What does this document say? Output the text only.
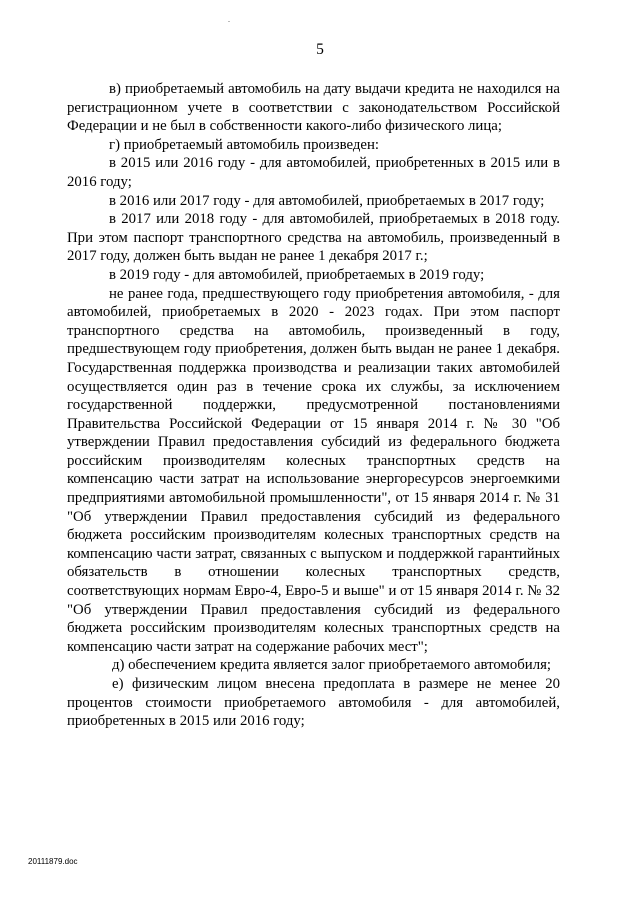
5

в) приобретаемый автомобиль на дату выдачи кредита не находился на регистрационном учете в соответствии с законодательством Российской Федерации и не был в собственности какого-либо физического лица;

г) приобретаемый автомобиль произведен:

в 2015 или 2016 году - для автомобилей, приобретенных в 2015 или в 2016 году;

в 2016 или 2017 году - для автомобилей, приобретаемых в 2017 году;

в 2017 или 2018 году - для автомобилей, приобретаемых в 2018 году. При этом паспорт транспортного средства на автомобиль, произведенный в 2017 году, должен быть выдан не ранее 1 декабря 2017 г.;

в 2019 году - для автомобилей, приобретаемых в 2019 году;

не ранее года, предшествующего году приобретения автомобиля, - для автомобилей, приобретаемых в 2020 - 2023 годах. При этом паспорт транспортного средства на автомобиль, произведенный в году, предшествующем году приобретения, должен быть выдан не ранее 1 декабря. Государственная поддержка производства и реализации таких автомобилей осуществляется один раз в течение срока их службы, за исключением государственной поддержки, предусмотренной постановлениями Правительства Российской Федерации от 15 января 2014 г. № 30 "Об утверждении Правил предоставления субсидий из федерального бюджета российским производителям колесных транспортных средств на компенсацию части затрат на использование энергоресурсов энергоемкими предприятиями автомобильной промышленности", от 15 января 2014 г. № 31 "Об утверждении Правил предоставления субсидий из федерального бюджета российским производителям колесных транспортных средств на компенсацию части затрат, связанных с выпуском и поддержкой гарантийных обязательств в отношении колесных транспортных средств, соответствующих нормам Евро-4, Евро-5 и выше" и от 15 января 2014 г. № 32 "Об утверждении Правил предоставления субсидий из федерального бюджета российским производителям колесных транспортных средств на компенсацию части затрат на содержание рабочих мест";

д) обеспечением кредита является залог приобретаемого автомобиля;

е) физическим лицом внесена предоплата в размере не менее 20 процентов стоимости приобретаемого автомобиля - для автомобилей, приобретенных в 2015 или 2016 году;

20111879.doc
